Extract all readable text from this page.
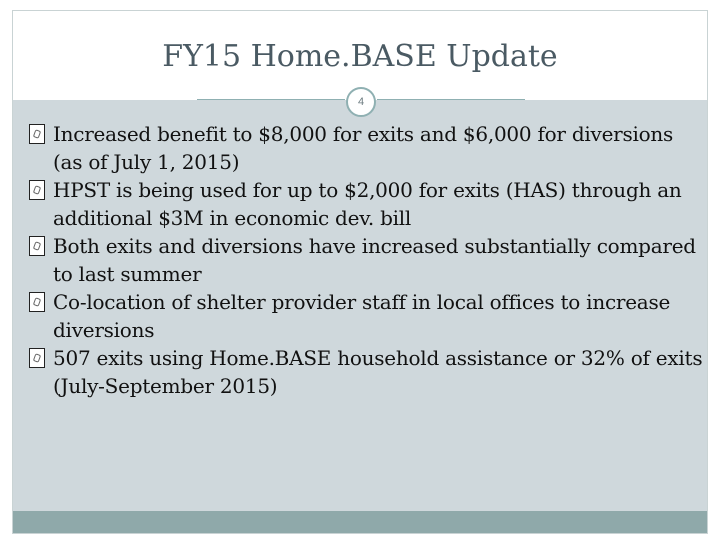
FY15 Home.BASE Update
Increased benefit to $8,000 for exits and $6,000 for diversions (as of July 1, 2015)
HPST is being used for up to $2,000 for exits (HAS) through an additional $3M in economic dev. bill
Both exits and diversions have increased substantially compared to last summer
Co-location of shelter provider staff in local offices to increase diversions
507 exits using Home.BASE household assistance or 32% of exits (July-September 2015)
4
